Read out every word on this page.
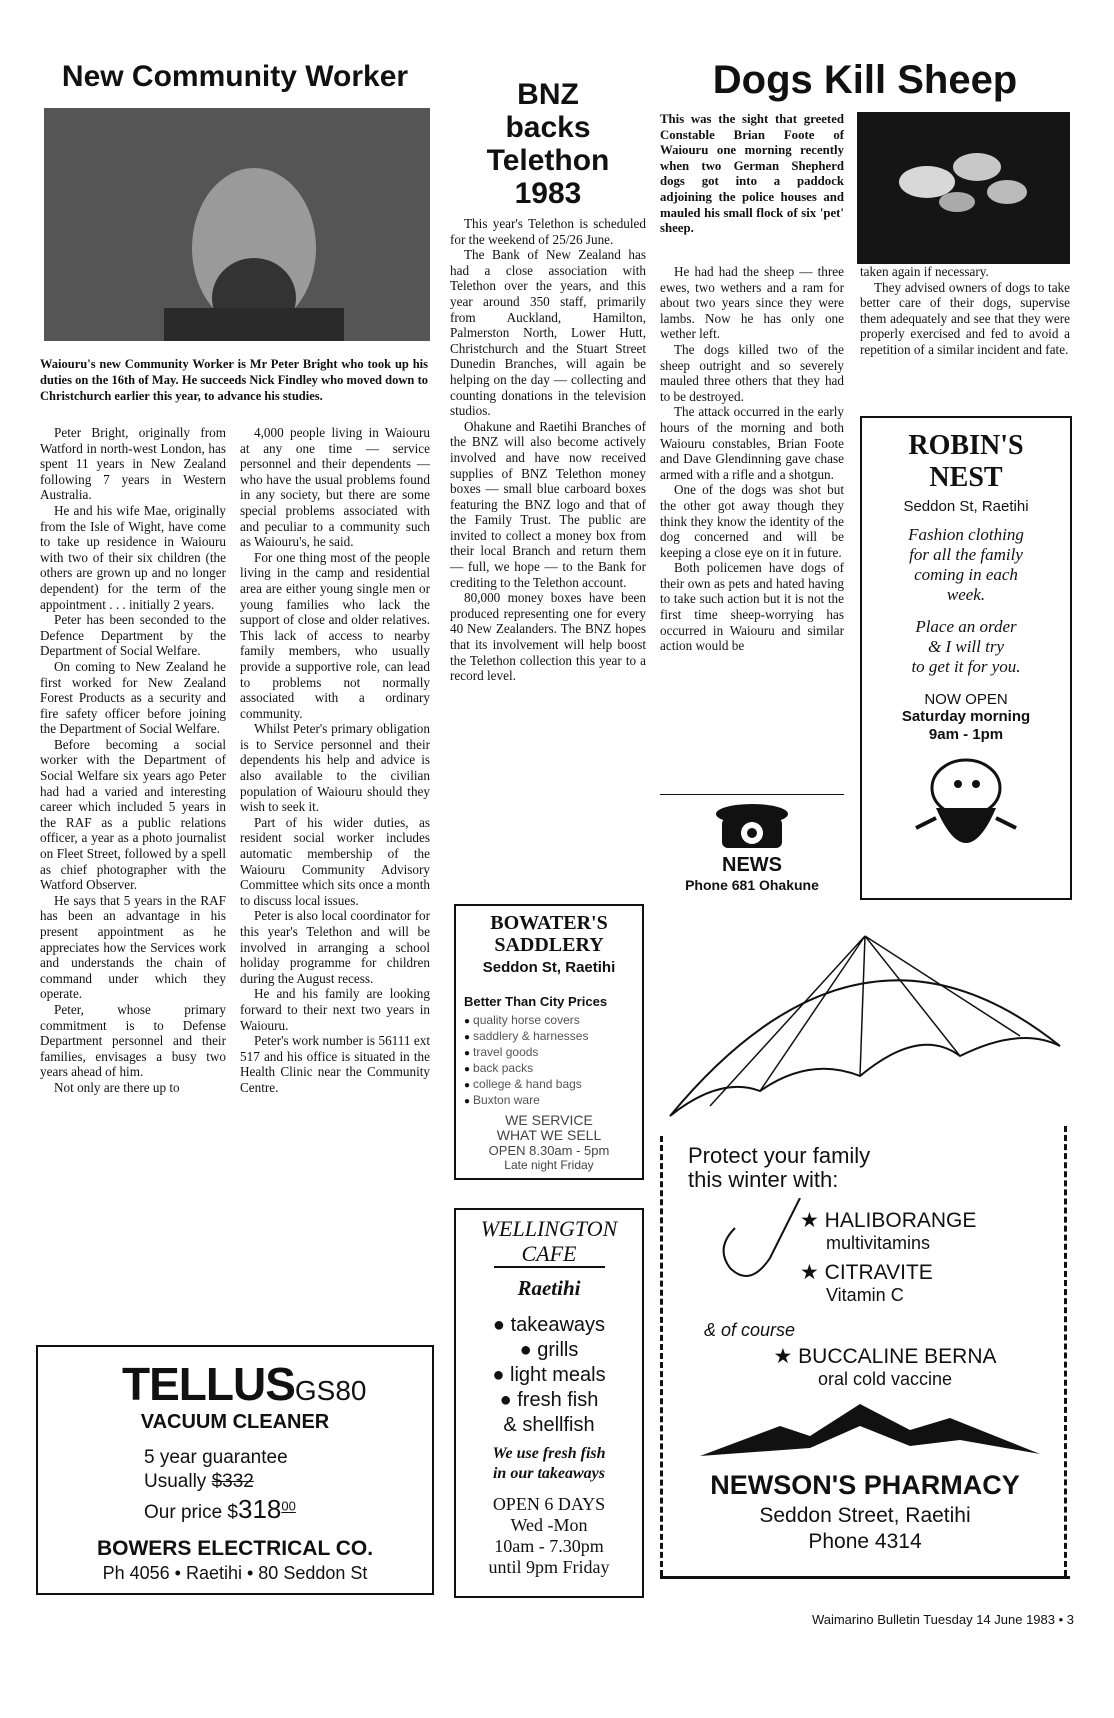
New Community Worker
Waiouru's new Community Worker is Mr Peter Bright who took up his duties on the 16th of May. He succeeds Nick Findley who moved down to Christchurch earlier this year, to advance his studies.

Peter Bright, originally from Watford in north-west London, has spent 11 years in New Zealand following 7 years in Western Australia.

He and his wife Mae, originally from the Isle of Wight, have come to take up residence in Waiouru with two of their six children (the others are grown up and no longer dependent) for the term of the appointment . . . initially 2 years.

Peter has been seconded to the Defence Department by the Department of Social Welfare.

On coming to New Zealand he first worked for New Zealand Forest Products as a security and fire safety officer before joining the Department of Social Welfare.

Before becoming a social worker with the Department of Social Welfare six years ago Peter had had a varied and interesting career which included 5 years in the RAF as a public relations officer, a year as a photo journalist on Fleet Street, followed by a spell as chief photographer with the Watford Observer.

He says that 5 years in the RAF has been an advantage in his present appointment as he appreciates how the Services work and understands the chain of command under which they operate.

Peter, whose primary commitment is to Defense Department personnel and their families, envisages a busy two years ahead of him.

Not only are there up to

4,000 people living in Waiouru at any one time — service personnel and their dependents — who have the usual problems found in any society, but there are some special problems associated with and peculiar to a community such as Waiouru's, he said.

For one thing most of the people living in the camp and residential area are either young single men or young families who lack the support of close and older relatives. This lack of access to nearby family members, who usually provide a supportive role, can lead to problems not normally associated with a ordinary community.

Whilst Peter's primary obligation is to Service personnel and their dependents his help and advice is also available to the civilian population of Waiouru should they wish to seek it.

Part of his wider duties, as resident social worker includes automatic membership of the Waiouru Community Advisory Committee which sits once a month to discuss local issues.

Peter is also local coordinator for this year's Telethon and will be involved in arranging a school holiday programme for children during the August recess.

He and his family are looking forward to their next two years in Waiouru.

Peter's work number is 56111 ext 517 and his office is situated in the Health Clinic near the Community Centre.

BNZ
backs
Telethon
1983

This year's Telethon is scheduled for the weekend of 25/26 June.

The Bank of New Zealand has had a close association with Telethon over the years, and this year around 350 staff, primarily from Auckland, Hamilton, Palmerston North, Lower Hutt, Christchurch and the Stuart Street Dunedin Branches, will again be helping on the day — collecting and counting donations in the television studios.

Ohakune and Raetihi Branches of the BNZ will also become actively involved and have now received supplies of BNZ Telethon money boxes — small blue carboard boxes featuring the BNZ logo and that of the Family Trust. The public are invited to collect a money box from their local Branch and return them — full, we hope — to the Bank for crediting to the Telethon account.

80,000 money boxes have been produced representing one for every 40 New Zealanders. The BNZ hopes that its involvement will help boost the Telethon collection this year to a record level.

Dogs Kill Sheep
This was the sight that greeted Constable Brian Foote of Waiouru one morning recently when two German Shepherd dogs got into a paddock adjoining the police houses and mauled his small flock of six 'pet' sheep.

He had had the sheep — three ewes, two wethers and a ram for about two years since they were lambs. Now he has only one wether left.

The dogs killed two of the sheep outright and so severely mauled three others that they had to be destroyed.

The attack occurred in the early hours of the morning and both Waiouru constables, Brian Foote and Dave Glendinning gave chase armed with a rifle and a shotgun.

One of the dogs was shot but the other got away though they think they know the identity of the dog concerned and will be keeping a close eye on it in future.

Both policemen have dogs of their own as pets and hated having to take such action but it is not the first time sheep-worrying has occurred in Waiouru and similar action would be

taken again if necessary.

They advised owners of dogs to take better care of their dogs, supervise them adequately and see that they were properly exercised and fed to avoid a repetition of a similar incident and fate.

NEWS
Phone 681 Ohakune
ROBIN'S
NEST
Seddon St, Raetihi
Fashion clothing
for all the family
coming in each
week.
Place an order
& I will try
to get it for you.
NOW OPEN
Saturday morning
9am - 1pm
BOWATER'S
SADDLERY
Seddon St, Raetihi
Better Than City Prices
● quality horse covers
● saddlery & harnesses
● travel goods
● back packs
● college & hand bags
● Buxton ware
WE SERVICE
WHAT WE SELL
OPEN 8.30am - 5pm
Late night Friday
WELLINGTON
CAFE
Raetihi
● takeaways
● grills
● light meals
● fresh fish
& shellfish
We use fresh fish
in our takeaways
OPEN 6 DAYS
Wed -Mon
10am - 7.30pm
until 9pm Friday
TELLUSGS80
VACUUM CLEANER
5 year guarantee
Usually $332
Our price $\$318^{00}$
BOWERS ELECTRICAL CO.
Ph 4056 • Raetihi • 80 Seddon St
Protect your family
this winter with:
★ HALIBORANGE
multivitamins
★ CITRAVITE
Vitamin C
& of course
★ BUCCALINE BERNA
oral cold vaccine
NEWSON'S PHARMACY
Seddon Street, Raetihi
Phone 4314
Waimarino Bulletin Tuesday 14 June 1983 • 3
